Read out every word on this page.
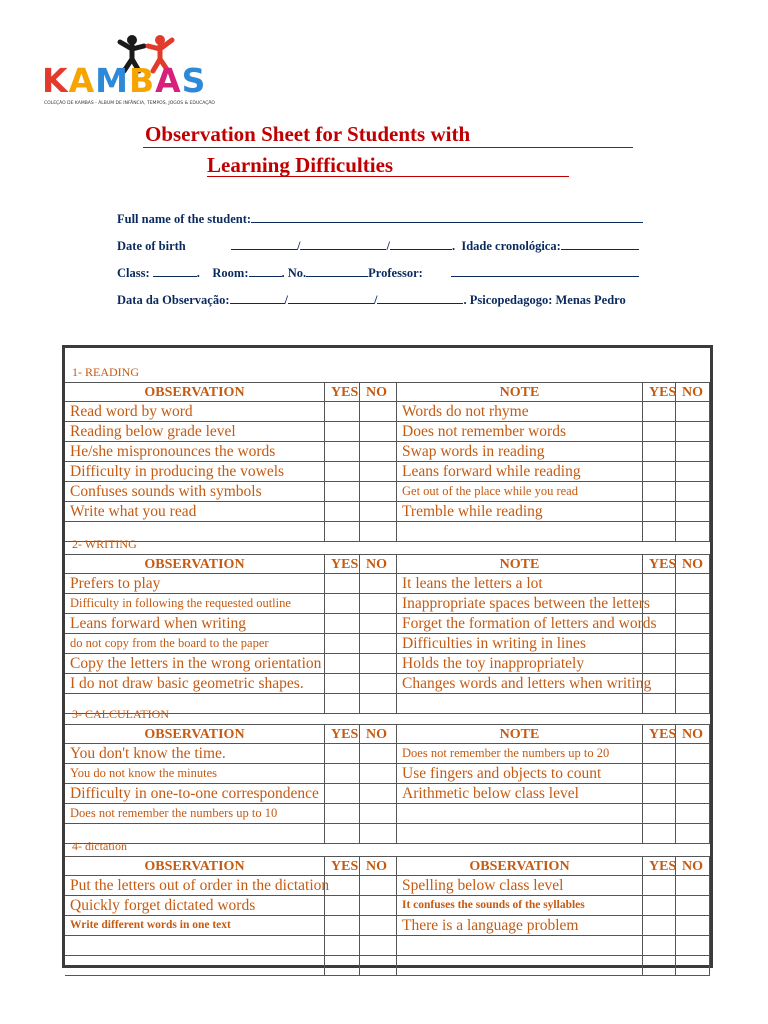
KAMBAS
COLEÇÃO DE KAMBAS - ÁLBUM DE INFÂNCIA, TEMPOS, JOGOS & EDUCAÇÃO
Observation Sheet for Students with
Learning Difficulties
Full name of the student:
Date of birth	/	/	. Idade cronológica:
Class:	. Room:	. No.	Professor:
Data da Observação:	/	/	. Psicopedagogo: Menas Pedro
1- READING
OBSERVATION	YES NO	NOTE	YES NO
Read word by word	Words do not rhyme
Reading below grade level	Does not remember words
He/she mispronounces the words	Swap words in reading
Difficulty in producing the vowels	Leans forward while reading
Confuses sounds with symbols	Get out of the place while you read
Write what you read	Tremble while reading
2- WRITING
OBSERVATION	YES NO	NOTE	YES NO
Prefers to play	It leans the letters a lot
Difficulty in following the requested outline	Inappropriate spaces between the letters
Leans forward when writing	Forget the formation of letters and words
do not copy from the board to the paper	Difficulties in writing in lines
Copy the letters in the wrong orientation	Holds the toy inappropriately
I do not draw basic geometric shapes.	Changes words and letters when writing
3- CALCULATION
OBSERVATION	YES NO	NOTE	YES NO
You don't know the time.	Does not remember the numbers up to 20
You do not know the minutes	Use fingers and objects to count
Difficulty in one-to-one correspondence	Arithmetic below class level
Does not remember the numbers up to 10
4- dictation
OBSERVATION	YES NO	OBSERVATION	YES NO
Put the letters out of order in the dictation	Spelling below class level
Quickly forget dictated words	It confuses the sounds of the syllables
Write different words in one text	There is a language problem
